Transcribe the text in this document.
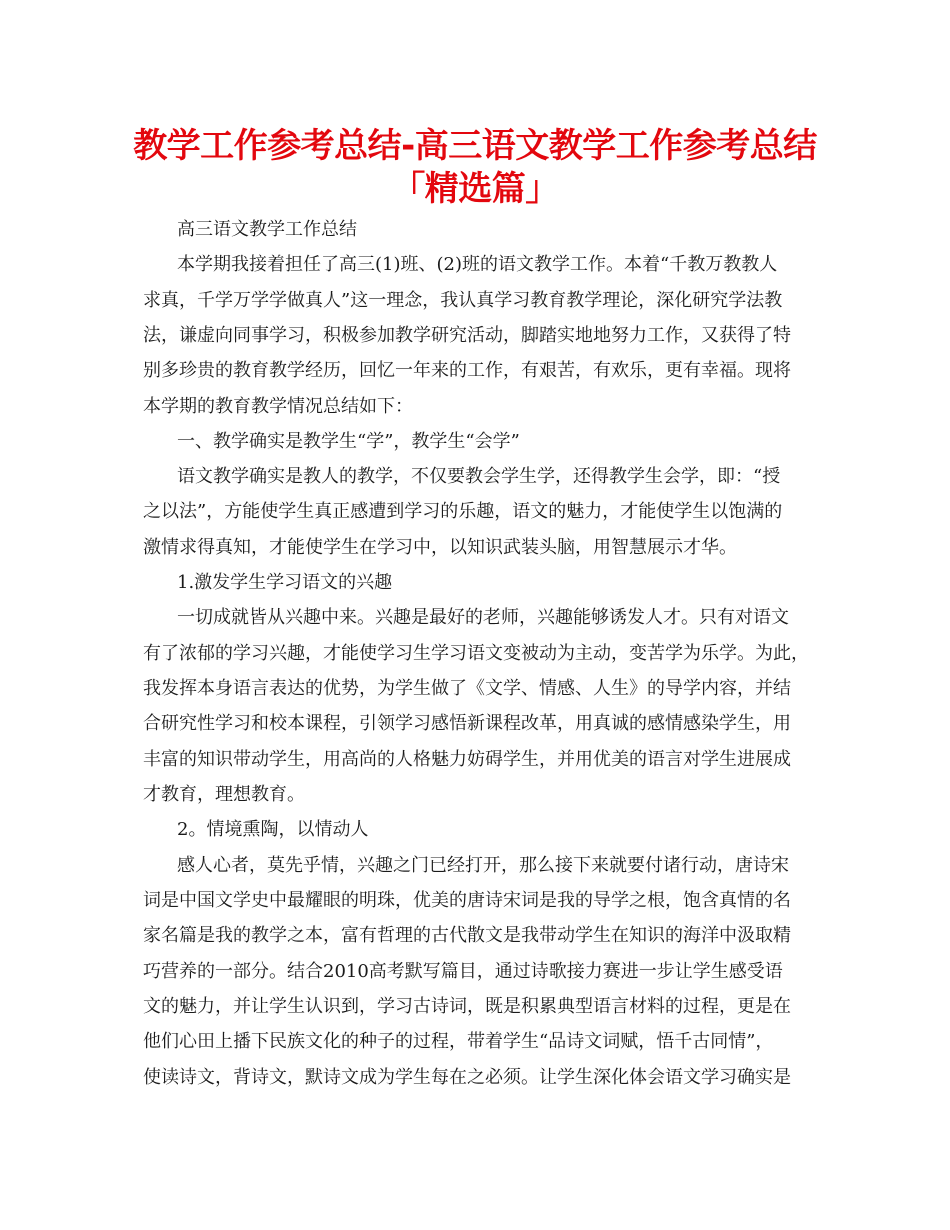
教学工作参考总结-高三语文教学工作参考总结
「精选篇」
高三语文教学工作总结
本学期我接着担任了高三(1)班、(2)班的语文教学工作。本着“千教万教教人
求真，千学万学学做真人”这一理念，我认真学习教育教学理论，深化研究学法教
法，谦虚向同事学习，积极参加教学研究活动，脚踏实地地努力工作，又获得了特
别多珍贵的教育教学经历，回忆一年来的工作，有艰苦，有欢乐，更有幸福。现将
本学期的教育教学情况总结如下：
一、教学确实是教学生“学”，教学生“会学”
语文教学确实是教人的教学，不仅要教会学生学，还得教学生会学，即：“授
之以法”，方能使学生真正感遭到学习的乐趣，语文的魅力，才能使学生以饱满的
激情求得真知，才能使学生在学习中，以知识武装头脑，用智慧展示才华。
1.激发学生学习语文的兴趣
一切成就皆从兴趣中来。兴趣是最好的老师，兴趣能够诱发人才。只有对语文
有了浓郁的学习兴趣，才能使学习生学习语文变被动为主动，变苦学为乐学。为此，
我发挥本身语言表达的优势，为学生做了《文学、情感、人生》的导学内容，并结
合研究性学习和校本课程，引领学习感悟新课程改革，用真诚的感情感染学生，用
丰富的知识带动学生，用高尚的人格魅力妨碍学生，并用优美的语言对学生进展成
才教育，理想教育。
2。情境熏陶，以情动人
感人心者，莫先乎情，兴趣之门已经打开，那么接下来就要付诸行动，唐诗宋
词是中国文学史中最耀眼的明珠，优美的唐诗宋词是我的导学之根，饱含真情的名
家名篇是我的教学之本，富有哲理的古代散文是我带动学生在知识的海洋中汲取精
巧营养的一部分。结合2010高考默写篇目，通过诗歌接力赛进一步让学生感受语
文的魅力，并让学生认识到，学习古诗词，既是积累典型语言材料的过程，更是在
他们心田上播下民族文化的种子的过程，带着学生“品诗文词赋，悟千古同情”，
使读诗文，背诗文，默诗文成为学生每在之必须。让学生深化体会语文学习确实是
